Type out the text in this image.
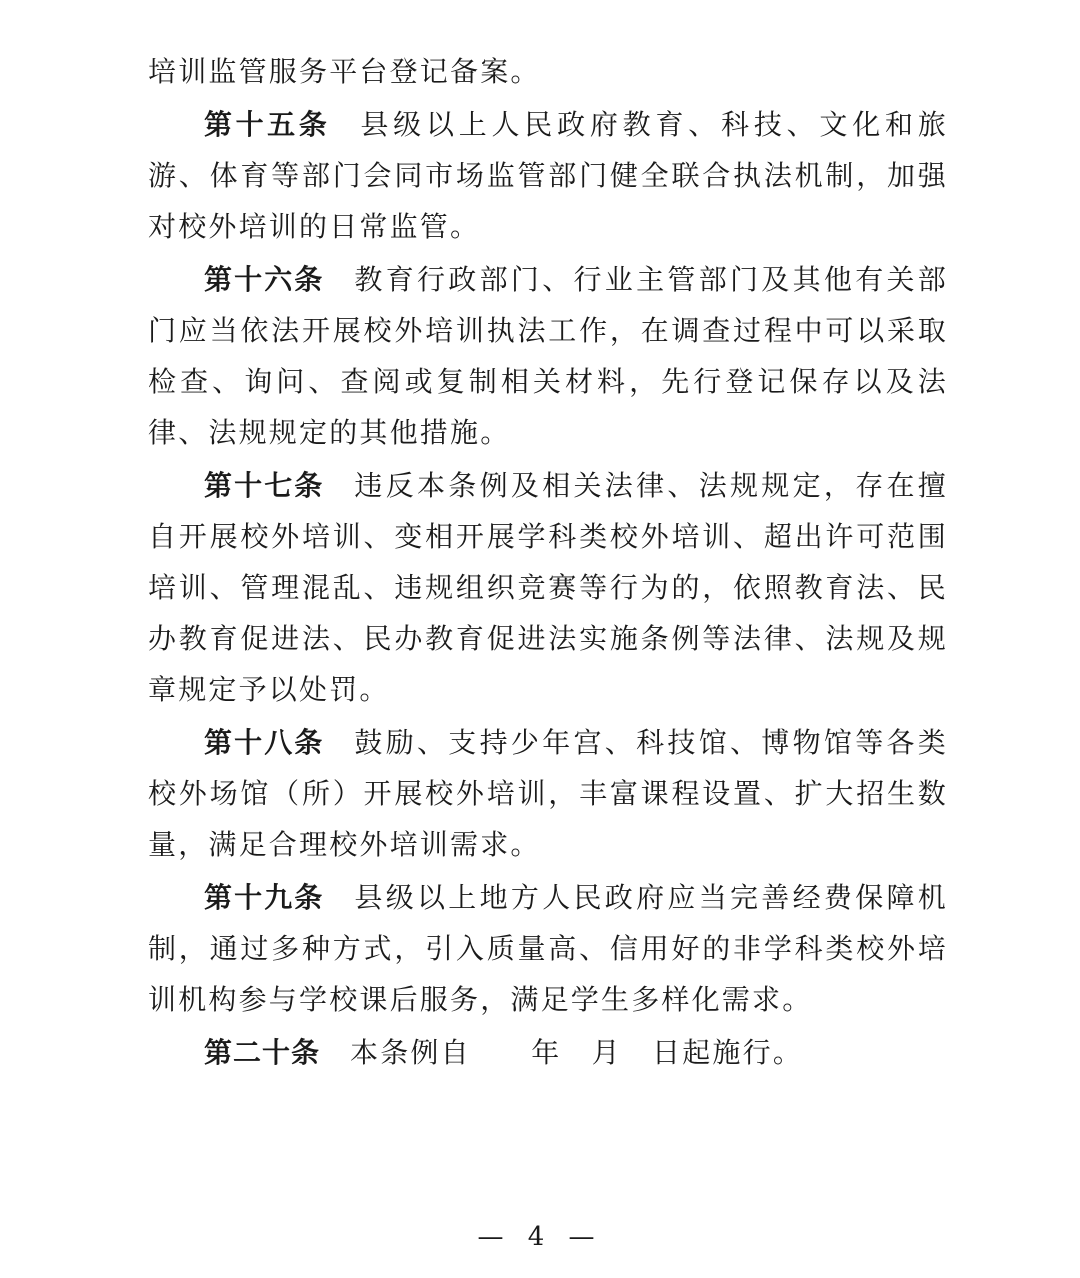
培训监管服务平台登记备案。

第十五条 县级以上人民政府教育、科技、文化和旅游、体育等部门会同市场监管部门健全联合执法机制，加强对校外培训的日常监管。

第十六条 教育行政部门、行业主管部门及其他有关部门应当依法开展校外培训执法工作，在调查过程中可以采取检查、询问、查阅或复制相关材料，先行登记保存以及法律、法规规定的其他措施。

第十七条 违反本条例及相关法律、法规规定，存在擅自开展校外培训、变相开展学科类校外培训、超出许可范围培训、管理混乱、违规组织竞赛等行为的，依照教育法、民办教育促进法、民办教育促进法实施条例等法律、法规及规章规定予以处罚。

第十八条 鼓励、支持少年宫、科技馆、博物馆等各类校外场馆（所）开展校外培训，丰富课程设置、扩大招生数量，满足合理校外培训需求。

第十九条 县级以上地方人民政府应当完善经费保障机制，通过多种方式，引入质量高、信用好的非学科类校外培训机构参与学校课后服务，满足学生多样化需求。

第二十条 本条例自　　年　月　日起施行。

— 4 —
